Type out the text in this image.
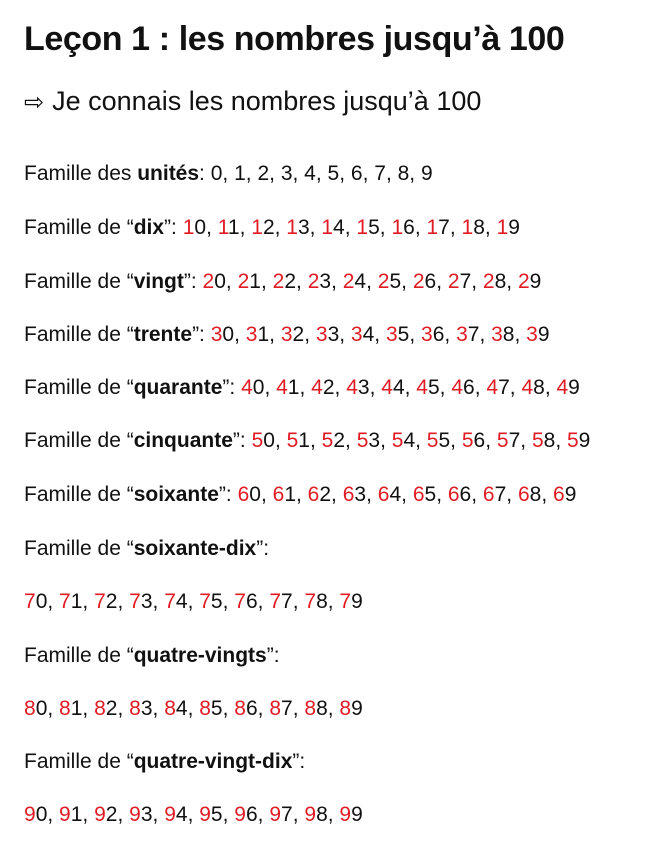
Leçon 1 : les nombres jusqu’à 100
⇨ Je connais les nombres jusqu’à 100
Famille des unités: 0, 1, 2, 3, 4, 5, 6, 7, 8, 9
Famille de “dix”: 10, 11, 12, 13, 14, 15, 16, 17, 18, 19
Famille de “vingt”: 20, 21, 22, 23, 24, 25, 26, 27, 28, 29
Famille de “trente”: 30, 31, 32, 33, 34, 35, 36, 37, 38, 39
Famille de “quarante”: 40, 41, 42, 43, 44, 45, 46, 47, 48, 49
Famille de “cinquante”: 50, 51, 52, 53, 54, 55, 56, 57, 58, 59
Famille de “soixante”: 60, 61, 62, 63, 64, 65, 66, 67, 68, 69
Famille de “soixante-dix”:
70, 71, 72, 73, 74, 75, 76, 77, 78, 79
Famille de “quatre-vingts”:
80, 81, 82, 83, 84, 85, 86, 87, 88, 89
Famille de “quatre-vingt-dix”:
90, 91, 92, 93, 94, 95, 96, 97, 98, 99
